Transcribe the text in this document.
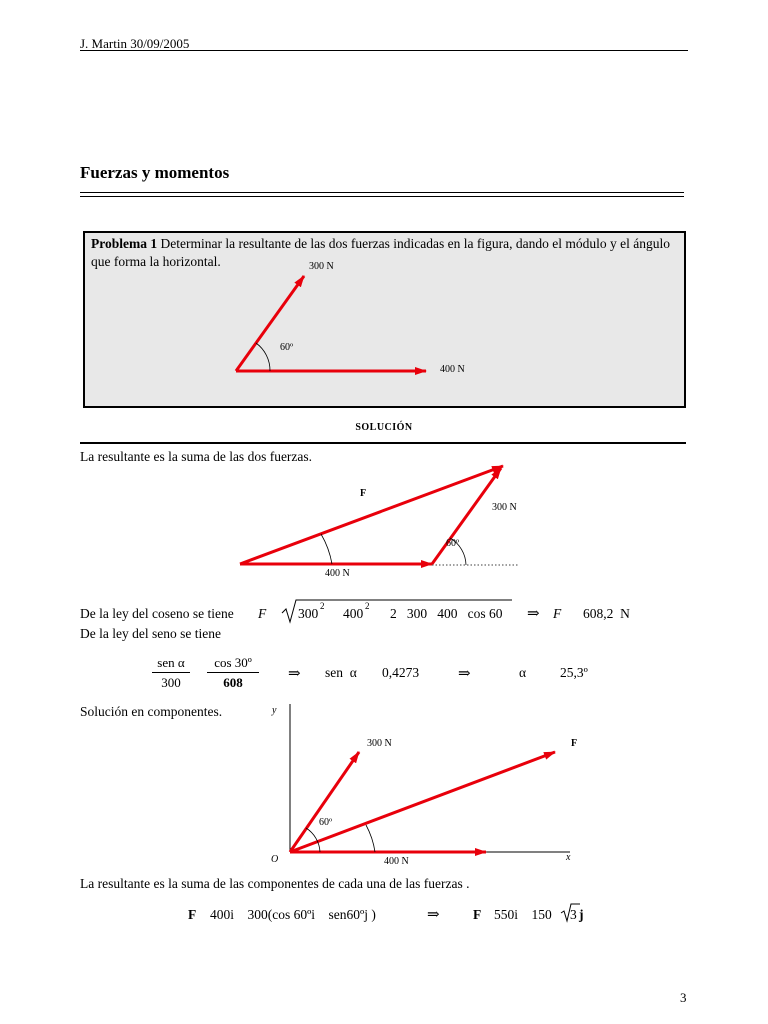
J. Martin 30/09/2005
Fuerzas y momentos
Problema 1 Determinar la resultante de las dos fuerzas indicadas en la figura, dando el módulo y el ángulo que forma la horizontal.	300 N
60º
400 N
SOLUCIÓN
La resultante es la suma de las dos fuerzas.
F
300 N
60º
400 N
De la ley del coseno se tiene F 300 2 400 2 2   300   400   cos 60 ⇒ F 608,2  N
De la ley del seno se tiene
sen α
300	$\frac{\text{cos 30º}}{608}$ ⇒ sen  α 0,4273	⇒	α	25,3º
Solución en componentes.	y
300 N	F
60º
O	400 N	x
La resultante es la suma de las componentes de cada una de las fuerzas .
F 400i    300(cos 60ºi    sen60ºj )	⇒ F 550i    150 3 j
3
